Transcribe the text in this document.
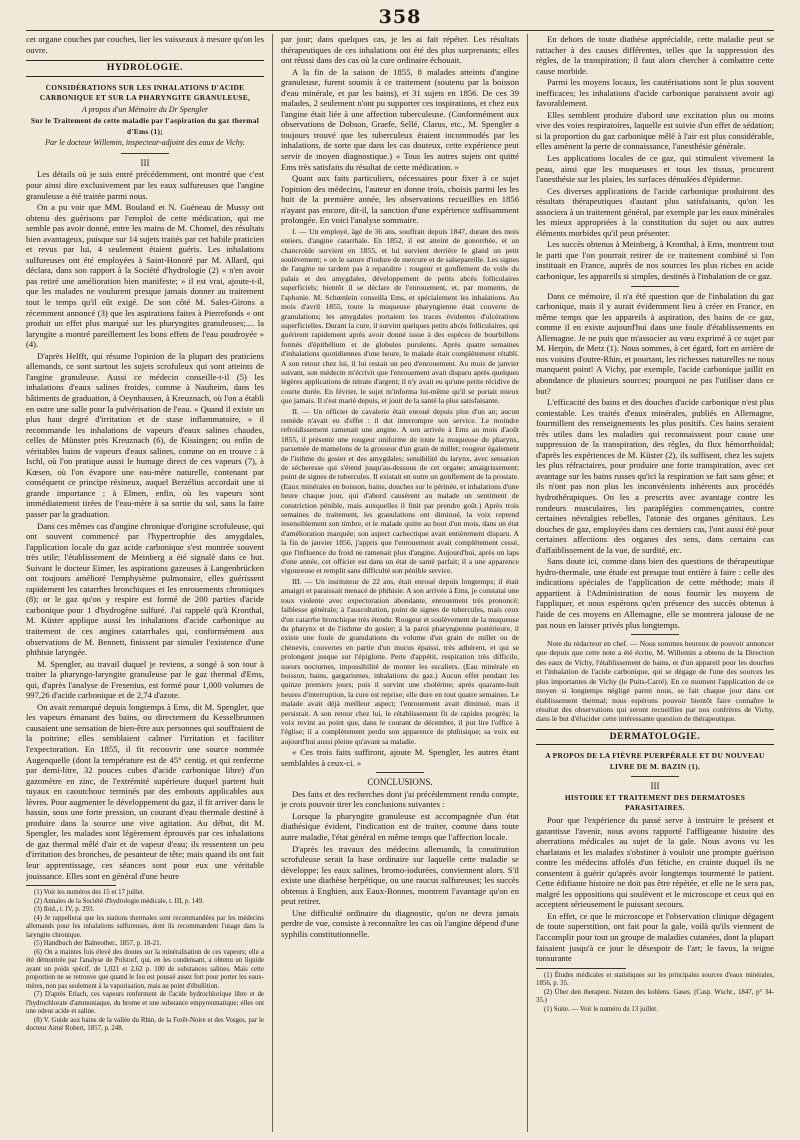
358

cet organe couches par couches, lier les vaisseaux à mesure qu'on les ouvre.

HYDROLOGIE.

CONSIDÉRATIONS SUR LES INHALATIONS D'ACIDE CARBONIQUE ET SUR LA PHARYNGITE GRANULEUSE,

A propos d'un Mémoire du Dr Spengler

Sur le Traitement de cette maladie par l'aspiration du gaz thermal d'Ems (1);

Par le docteur Willemin, inspecteur-adjoint des eaux de Vichy.

III

Les détails où je suis entré précédemment, ont montré que c'est pour ainsi dire exclusivement par les eaux sulfureuses que l'angine granuleuse a été traitée parmi nous.

On a pu voir que MM. Bouland et N. Guéneau de Mussy ont obtenu des guérisons par l'emploi de cette médication, qui me semble pas avoir donné, entre les mains de M. Chomel, des résultats bien avantageux, puisque sur 14 sujets traités par cet habile praticien et revus par lui, 4 seulement étaient guéris. Les inhalations sulfureuses ont été employées à Saint-Honoré par M. Allard, qui déclara, dans son rapport à la Société d'hydrologie (2) « n'en avoir pas retiré une amélioration bien manifeste; » il est vrai, ajoute-t-il, que les malades ne voulurent presque jamais donner au traitement tout le temps qu'il eût exigé. De son côté M. Sales-Girons a récemment annoncé (3) que les aspirations faites à Pierrefonds « ont produit un effet plus marqué sur les pharyngites granuleuses;.... la laryngite a montré pareillement les bons effets de l'eau poudroyée » (4).

D'après Helfft, qui résume l'opinion de la plupart des praticiens allemands, ce sont surtout les sujets scrofuleux qui sont atteints de l'angine granuleuse. Aussi ce médecin conseille-t-il (5) les inhalations d'eaux salines froides, comme à Nauheim, dans les bâtiments de graduation, à Oeynhausen, à Kreuznach, où l'on a établi en outre une salle pour la pulvérisation de l'eau. « Quand il existe un plus haut degré d'irritation et de stase inflammatoire, » il recommande les inhalations de vapeurs d'eaux salines chaudes, celles de Münster près Kreuznach (6), de Kissingen; ou enfin de véritables bains de vapeurs d'eaux salines, comme on en trouve : à Ischl, où l'on pratique aussi le humage direct de ces vapeurs (7), à Kœsen, où l'on évapore une eau-mère naturelle, contenant par conséquent ce principe résineux, auquel Berzélius accordait une si grande importance ; à Elmen, enfin, où les vapeurs sont immédiatement tirées de l'eau-mère à sa sortie du sol, sans la faire passer par la graduation.

Dans ces mêmes cas d'angine chronique d'origine scrofuleuse, qui ont souvent commencé par l'hypertrophie des amygdales, l'application locale du gaz acide carbonique s'est montrée souvent très utile; l'établissement de Meinberg a été signalé dans ce but. Suivant le docteur Eimer, les aspirations gazeuses à Langenbrücken ont toujours amélioré l'emphysème pulmonaire, elles guérissent rapidement les catarrhes bronchiques et les enrouements chroniques (8); or le gaz qu'on y respire est formé de 200 parties d'acide carbonique pour 1 d'hydrogène sulfuré. J'ai rappelé qu'à Kronthal, M. Küster applique aussi les inhalations d'acide carbonique au traitement de ces angines catarrhales qui, conformément aux observations de M. Bennett, finissent par simuler l'existence d'une phthisie laryngée.

M. Spengler, au travail duquel je reviens, a songé à son tour à traiter la pharyngo-laryngite granuleuse par le gaz thermal d'Ems, qui, d'après l'analyse de Fresenius, est formé pour 1,000 volumes de 997,26 d'acide carbonique et de 2,74 d'azote.

On avait remarqué depuis longtemps à Ems, dit M. Spengler, que les vapeurs émanant des bains, ou directement du Kesselbrunnen causaient une sensation de bien-être aux personnes qui souffraient de la poitrine; elles semblaient calmer l'irritation et faciliter l'expectoration. En 1855, il fit recouvrir une source nommée Augenquelle (dont la température est de 45° centig. et qui renferme par demi-litre, 32 pouces cubes d'acide carbonique libre) d'un gazomètre en zinc, de l'extrémité supérieure duquel partent huit tuyaux en caoutchouc terminés par des embouts applicables aux lèvres. Pour augmenter le développement du gaz, il fit arriver dans le bassin, sous une forte pression, un courant d'eau thermale destiné à produire dans la source une vive agitation. Au début, dit M. Spengler, les malades sont légèrement éprouvés par ces inhalations de gaz thermal mêlé d'air et de vapeur d'eau; ils ressentent un peu d'irritation des bronches, de pesanteur de tête; mais quand ils ont fait leur apprentissage, ces séances sont pour eux une véritable jouissance. Elles sont en général d'une heure

(1) Voir les numéros des 15 et 17 juillet.

(2) Annales de la Société d'hydrologie médicale, t. III, p. 149.

(3) Ibid., t. IV, p. 293.

(4) Je rappellerai que les stations thermales sont recommandées par les médecins allemands pour les inhalations sulfureuses, dont ils recommandent l'usage dans la laryngite chronique.

(5) Handbuch der Balneother., 1857, p. 18-21.

(6) On a maintes fois élevé des doutes sur la minéralisation de ces vapeurs; elle a été démontrée par l'analyse de Polstorf, qui, en les condensant, a obtenu un liquide ayant un poids spécif. de 1,021 et 2,62 p. 100 de substances salines. Mais cette proportion ne se retrouve que quand le feu est poussé assez fort pour porter les eaux-mères, non pas seulement à la vaporisation, mais au point d'ébullition.

(7) D'après Erlach, ces vapeurs renferment de l'acide hydrochlorique libre et de l'hydrochlorate d'ammoniaque, du brome et une substance empyreumatique; elles ont une odeur acide et saline.

(8) V. Guide aux bains de la vallée du Rhin, de la Forêt-Noire et des Vosges, par le docteur Aimé Robert, 1857, p. 248.

par jour; dans quelques cas, je les ai fait répéter. Les résultats thérapeutiques de ces inhalations ont été des plus surprenants; elles ont réussi dans des cas où la cure ordinaire échouait.

A la fin de la saison de 1855, 8 malades atteints d'angine granuleuse, furent soumis à ce traitement (soutenu par la boisson d'eau minérale, et par les bains), et 31 sujets en 1856. De ces 39 malades, 2 seulement n'ont pu supporter ces inspirations, et chez eux l'angine était liée à une affection tuberculeuse. (Conformément aux observations de Dobson, Graefe, Sellé, Clarus, etc., M. Spengler a toujours trouvé que les tuberculeux étaient incommodés par les inhalations, de sorte que dans les cas douteux, cette expérience peut servir de moyen diagnostique.) « Tous les autres sujets ont quitté Ems très satisfaits du résultat de cette médication. »

Quant aux faits particuliers, nécessaires pour fixer à ce sujet l'opinion des médecins, l'auteur en donne trois, choisis parmi les les huit de la première année, les observations recueillies en 1856 n'ayant pas encore, dit-il, la sanction d'une expérience suffisamment prolongée. En voici l'analyse sommaire.

I. — Un employé, âgé de 36 ans, souffrait depuis 1847, durant des mois entiers, d'angine catarrhale. En 1852, il est atteint de gonorrhée, et un chancroïde survient en 1855, et lui survient derrière le gland un petit soulèvement; » on le sature d'iodure de mercure et de salsepareille. Les signes de l'angine ne tardent pas à reparaître : rougeur et gonflement du voile du palais et des amygdales, développement de petits abcès folliculaires superficiels; bientôt il se déclare de l'enrouement, et, par moments, de l'aphonie. M. Schœnlein conseilla Ems, et spécialement les inhalations. Au mois d'avril 1855, toute la muqueuse pharyngienne était couverte de granulations; les amygdales portaient les traces évidentes d'ulcérations superficielles. Durant la cure, il survint quelques petits abcès folliculaires, qui guérirent rapidement après avoir donné issue à des espèces de bourbillons formés d'épithélium et de globules purulents. Après quatre semaines d'inhalations quotidiennes d'une heure, le malade était complètement rétabli. A son retour chez lui, il lui restait un peu d'enrouement. Au mois de janvier suivant, son médecin m'écrivit que l'enrouement avait disparu après quelques légères applications de nitrate d'argent; il n'y avait eu qu'une petite récidive de courte durée. En février, le sujet m'informa lui-même qu'il se portait mieux que jamais. Il s'est marié depuis, et jouit de la santé la plus satisfaisante.

II. — Un officier de cavalerie était enroué depuis plus d'un an; aucun remède n'avait eu d'effet : il dut interrompre son service. Le moindre refroidissement ramenait une angine. A son arrivée à Ems au mois d'août 1855, il présente une rougeur uniforme de toute la muqueuse du pharynx, parsemée de mamelons de la grosseur d'un grain de millet; rougeur également de l'isthme du gosier et des amygdales; sensibilité du larynx, avec sensation de sécheresse qui s'étend jusqu'au-dessous de cet organe; amaigrissement; point de signes de tubercules. Il existait en outre un gonflement de la prostate. (Eaux minérales en boisson, bains, douches sur le périnée, et inhalations d'une heure chaque jour, qui d'abord causèrent au malade un sentiment de constriction pénible, mais auxquelles il finit par prendre goût.) Après trois semaines de traitement, les granulations ont diminué, la voix reprend insensiblement son timbre, et le malade quitte au bout d'un mois, dans un état d'amélioration marquée; son aspect cachectique avait entièrement disparu. A la fin de janvier 1856, j'appris que l'enrouement avait complètement cessé, que l'influence du froid ne ramenait plus d'angine. Aujourd'hui, après un laps d'une année, cet officier est dans un état de santé parfait; il a une apparence vigoureuse et remplit sans difficulté son pénible service.

III. — Un instituteur de 22 ans, était enroué depuis longtemps; il était amaigri et paraissait menacé de phthisie. A son arrivée à Ems, je constatai une toux violente avec expectoration abondante, enrouement très prononcé; faiblesse générale; à l'auscultation, point de signes de tubercules, mais ceux d'un catarrhe bronchique très étendu. Rougeur et soulèvement de la muqueuse du pharynx et de l'isthme du gosier; à la paroi pharyngienne postérieure, il existe une foule de granulations du volume d'un grain de millet ou de chènevis, couvertes en partie d'un mucus épaissi, très adhérent, et qui se prolongent jusque sur l'épiglotte. Perte d'appétit, respiration très difficile, sueurs nocturnes, impossibilité de monter les escaliers. (Eau minérale en boisson, bains, gargarismes, inhalations du gaz.) Aucun effet pendant les quinze premiers jours; puis il survint une cholérine; après quarante-huit heures d'interruption, la cure est reprise; elle dure en tout quatre semaines. Le malade avait déjà meilleur aspect; l'enrouement avait diminué, mais il persistait. A son retour chez lui, le rétablissement fit de rapides progrès; la voix revint au point que, dans le courant de décembre, il put lire l'office à l'église; il a complètement perdu son apparence de phthisique; sa voix est aujourd'hui aussi pleine qu'avant sa maladie.

« Ces trois faits suffiront, ajoute M. Spengler, les autres étant semblables à ceux-ci. »

CONCLUSIONS.

Des faits et des recherches dont j'ai précédemment rendu compte, je crois pouvoir tirer les conclusions suivantes :

Lorsque la pharyngite granuleuse est accompagnée d'un état diathésique évident, l'indication est de traiter, comme dans toute autre maladie, l'état général en même temps que l'affection locale.

D'après les travaux des médecins allemands, la constitution scrofuleuse serait la base ordinaire sur laquelle cette maladie se développe; les eaux salines, bromo-iodurées, conviennent alors. S'il existe une diathèse herpétique, ou une raucus sulfureuses; les succès obtenus à Enghien, aux Eaux-Bonnes, montrent l'avantage qu'on en peut retirer.

Une difficulté ordinaire du diagnostic, qu'on ne devra jamais perdre de vue, consiste à reconnaître les cas où l'angine dépend d'une syphilis constitutionnelle.

En dehors de toute diathèse appréciable, cette maladie peut se rattacher à des causes différentes, telles que la suppression des règles, de la transpiration; il faut alors chercher à combattre cette cause morbide.

Parmi les moyens locaux, les cautérisations sont le plus souvent inefficaces; les inhalations d'acide carbonique paraissent avoir agi favorablement.

Elles semblent produire d'abord une excitation plus ou moins vive des voies respiratoires, laquelle est suivie d'un effet de sédation; si la proportion du gaz carbonique mêlé à l'air est plus considérable, elles amènent la perte de connaissance, l'anesthésie générale.

Les applications locales de ce gaz, qui stimulent vivement la peau, ainsi que les muqueuses et tous les tissus, procurent l'anesthésie sur les plaies, les surfaces dénudées d'épiderme.

Ces diverses applications de l'acide carbonique produiront des résultats thérapeutiques d'autant plus satisfaisants, qu'on les associera à un traitement général, par exemple par les eaux minérales les mieux appropriées à la constitution du sujet ou aux autres éléments morbides qu'il peut présenter.

Les succès obtenus à Meinberg, à Kronthal, à Ems, montrent tout le parti que l'on pourrait retirer de ce traitement combiné si l'on instituait en France, auprès de nos sources les plus riches en acide carbonique, les appareils si simples, destinés à l'inhalation de ce gaz.

Dans ce mémoire, il n'a été question que de l'inhalation du gaz carbonique, mais il y aurait évidemment lieu à créer en France, en même temps que les appareils à aspiration, des bains de ce gaz, comme il en existe aujourd'hui dans une foule d'établissements en Allemagne. Je ne puis que m'associer au vœu exprimé à ce sujet par M. Herpin, de Metz (1). Nous sommes, à cet égard, fort en arrière de nos voisins d'outre-Rhin, et pourtant, les richesses naturelles ne nous manquent point! A Vichy, par exemple, l'acide carbonique jaillit en abondance de plusieurs sources; pourquoi ne pas l'utiliser dans ce but?

L'efficacité des bains et des douches d'acide carbonique n'est plus contestable. Les traités d'eaux minérales, publiés en Allemagne, fourmillent des renseignements les plus positifs. Ces bains seraient très utiles dans les maladies qui reconnaissent pour cause une suppression de la transpiration, des règles, du flux hémorrhoïdal; d'après les expériences de M. Küster (2), ils suffisent, chez les sujets les plus réfractaires, pour produire une forte transpiration, avec cet avantage sur les bains russes qu'ici la respiration se fait sans gêne; et ils n'ont pas non plus les inconvénients inhérents aux procédés hydrothérapiques. On les a prescrits avec avantage contre les rondeurs musculaires, les paraplégies commençantes, contre certaines névralgies rebelles, l'atonie des organes génitaux. Les douches de gaz, employées dans ces derniers cas, l'ont aussi été pour certaines affections des organes des sens, dans certains cas d'affaiblissement de la vue, de surdité, etc.

Sans doute ici, comme dans bien des questions de thérapeutique hydro-thermale, une étude est presque tout entière à faire : celle des indications spéciales de l'application de cette méthode; mais il appartient à l'Administration de nous fournir les moyens de l'appliquer, et nous espérons qu'en présence des succès obtenus à l'aide de ces moyens en Allemagne, elle se montrera jalouse de ne pas nous en laisser privés plus longtemps.

Note du rédacteur en chef. — Nous sommes heureux de pouvoir annoncer que depuis que cette note a été écrite, M. Willemin a obtenu de la Direction des eaux de Vichy, l'établissement de bains, et d'un appareil pour les douches et l'inhalation de l'acide carbonique, qui se dégage de l'une des sources les plus importantes de Vichy (le Puits-Carré). En ce moment l'application de ce moyen si longtemps négligé parmi nous, se fait chaque jour dans cet établissement thermal; nous espérons pouvoir bientôt faire connaître le résultat des observations qui seront recueillies par nos confrères de Vichy, dans le but d'élucider cette intéressante question de thérapeutique.

DERMATOLOGIE.

A PROPOS DE LA FIÈVRE PUERPÉRALE ET DU NOUVEAU LIVRE DE M. BAZIN (1).

III

HISTOIRE ET TRAITEMENT DES DERMATOSES PARASITAIRES.

Pour que l'expérience du passé serve à instruire le présent et garantisse l'avenir, nous avons rapporté l'affligeante histoire des aberrations médicales au sujet de la gale. Nous avons vu les charlatans et les malades s'obstiner à vouloir une prompte guérison contre les médecins affolés d'un fétiche, en crainte duquel ils ne consentent à guérir qu'après avoir longtemps tourmenté le patient. Cette édifiante histoire ne doit pas être répétée, et elle ne le sera pas, malgré les oppositions qui soulèvent et le microscope et ceux qui en acceptent sérieusement le puissant secours.

En effet, ce que le microscope et l'observation clinique dégagent de toute superstition, ont fait pour la gale, voilà qu'ils viennent de l'accomplir pour tout un groupe de maladies cutanées, dont la plupart faisaient jusqu'à ce jour le désespoir de l'art; le favus, la teigne tonsurante

(1) Études médicales et statistiques sur les principales sources d'eaux minérales, 1856, p. 35.

(2) Über den therapeut. Nutzen des kohlens. Gases. (Casp. Wschr., 1847, p° 34-35.)

(1) Suite. — Voir le numéro du 13 juillet.
